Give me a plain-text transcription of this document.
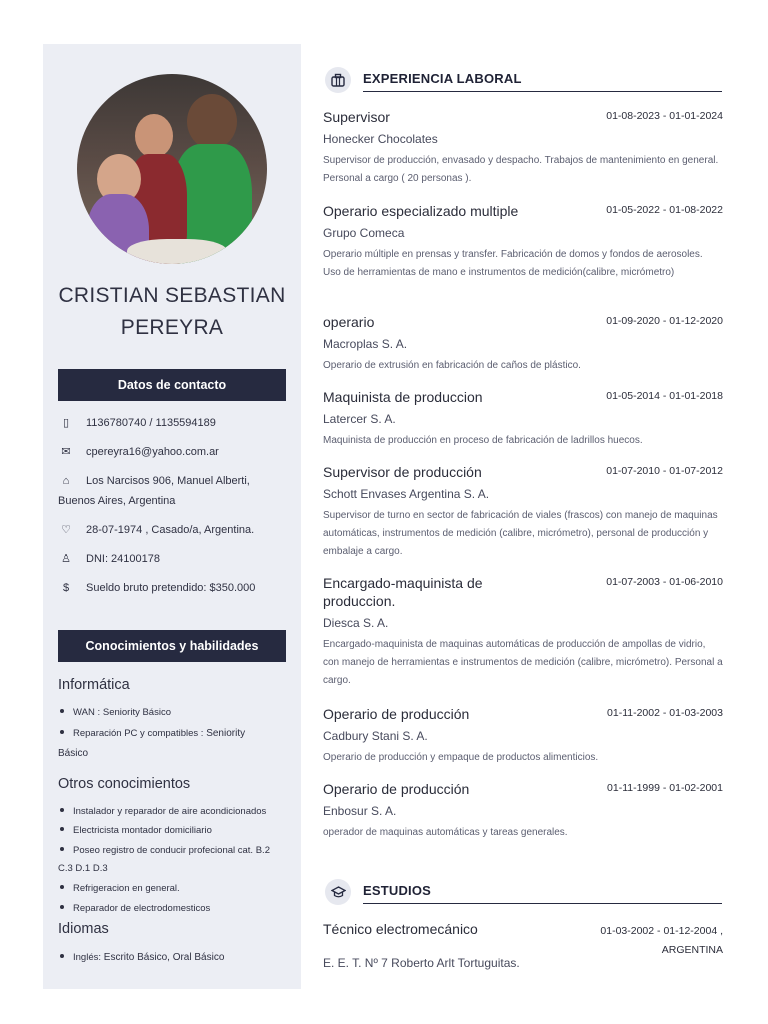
CRISTIAN SEBASTIAN
PEREYRA
Datos de contacto
▯ 1136780740 / 1135594189
✉ cpereyra16@yahoo.com.ar
⌂ Los Narcisos 906, Manuel Alberti, Buenos Aires, Argentina
♡ 28-07-1974 , Casado/a, Argentina.
♙ DNI: 24100178
$ Sueldo bruto pretendido: $350.000
Conocimientos y habilidades
Informática
WAN : Seniority Básico
Reparación PC y compatibles : Seniority
Básico
Otros conocimientos
Instalador y reparador de aire acondicionados
Electricista montador domiciliario
Poseo registro de conducir profecional cat. B.2
C.3 D.1 D.3
Refrigeracion en general.
Reparador de electrodomesticos
Idiomas
Inglés: Escrito Básico, Oral Básico
EXPERIENCIA LABORAL
Supervisor	01-08-2023 - 01-01-2024
Honecker Chocolates
Supervisor de producción, envasado y despacho. Trabajos de mantenimiento en general. Personal a cargo ( 20 personas ).
Operario especializado multiple	01-05-2022 - 01-08-2022
Grupo Comeca
Operario múltiple en prensas y transfer. Fabricación de domos y fondos de aerosoles. Uso de herramientas de mano e instrumentos de medición(calibre, micrómetro)
operario	01-09-2020 - 01-12-2020
Macroplas S. A.
Operario de extrusión en fabricación de caños de plástico.
Maquinista de produccion	01-05-2014 - 01-01-2018
Latercer S. A.
Maquinista de producción en proceso de fabricación de ladrillos huecos.
Supervisor de producción	01-07-2010 - 01-07-2012
Schott Envases Argentina S. A.
Supervisor de turno en sector de fabricación de viales (frascos) con manejo de maquinas automáticas, instrumentos de medición (calibre, micrómetro), personal de producción y embalaje a cargo.
Encargado-maquinista de produccion.
01-07-2003 - 01-06-2010
Diesca S. A.
Encargado-maquinista de maquinas automáticas de producción de ampollas de vidrio, con manejo de herramientas e instrumentos de medición (calibre, micrómetro). Personal a cargo.
Operario de producción	01-11-2002 - 01-03-2003
Cadbury Stani S. A.
Operario de producción y empaque de productos alimenticios.
Operario de producción	01-11-1999 - 01-02-2001
Enbosur S. A.
operador de maquinas automáticas y tareas generales.
ESTUDIOS
Técnico electromecánico	01-03-2002 - 01-12-2004 ,
ARGENTINA
E. E. T. Nº 7 Roberto Arlt Tortuguitas.
